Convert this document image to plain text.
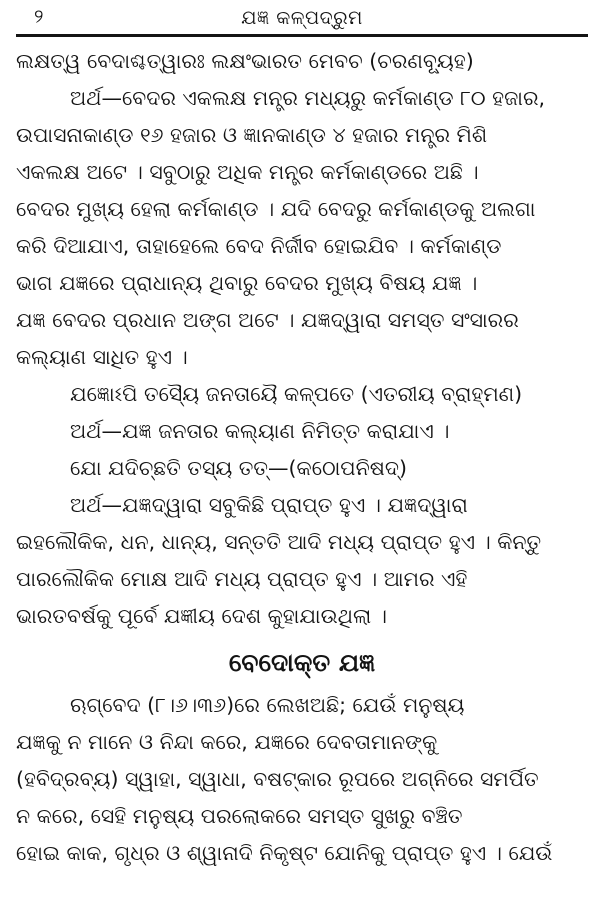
୨	ଯଜ୍ଞ କଳ୍ପଦ୍ରୁମ
ଲକ୍ଷତ୍ୱ ବେଦାଶ୍ଚତ୍ୱାରଃ ଲକ୍ଷଂଭାରତ ମେବଚ (ଚରଣବ୍ୟୂହ)
ଅର୍ଥ—ବେଦର ଏକଲକ୍ଷ ମନ୍ତ୍ର ମଧ୍ୟରୁ କର୍ମକାଣ୍ଡ ୮୦ ହଜାର,
ଉପାସନାକାଣ୍ଡ ୧୬ ହଜାର ଓ ଜ୍ଞାନକାଣ୍ଡ ୪ ହଜାର ମନ୍ତ୍ର ମିଶି
ଏକଲକ୍ଷ ଅଟେ । ସବୁଠାରୁ ଅଧିକ ମନ୍ତ୍ର କର୍ମକାଣ୍ଡରେ ଅଛି ।
ବେଦର ମୁଖ୍ୟ ହେଲା କର୍ମକାଣ୍ଡ । ଯଦି ବେଦରୁ କର୍ମକାଣ୍ଡକୁ ଅଲଗା
କରି ଦିଆଯାଏ, ତାହାହେଲେ ବେଦ ନିର୍ଜୀବ ହୋଇଯିବ । କର୍ମକାଣ୍ଡ
ଭାଗ ଯଜ୍ଞରେ ପ୍ରାଧାନ୍ୟ ଥିବାରୁ ବେଦର ମୁଖ୍ୟ ବିଷୟ ଯଜ୍ଞ ।
ଯଜ୍ଞ ବେଦର ପ୍ରଧାନ ଅଙ୍ଗ ଅଟେ । ଯଜ୍ଞଦ୍ୱାରା ସମସ୍ତ ସଂସାରର
କଲ୍ୟାଣ ସାଧିତ ହୁଏ ।
ଯଜ୍ଞୋଽପି ତସ୍ୟୈ ଜନତାୟୈ କଳ୍ପତେ (ଏତରୀୟ ବ୍ରାହ୍ମଣ)
ଅର୍ଥ—ଯଜ୍ଞ ଜନତାର କଲ୍ୟାଣ ନିମିତ୍ତ କରାଯାଏ ।
ଯୋ ଯଦିଚ୍ଛତି ତସ୍ୟ ତତ୍—(କଠୋପନିଷଦ୍)
ଅର୍ଥ—ଯଜ୍ଞଦ୍ୱାରା ସବୁକିଛି ପ୍ରାପ୍ତ ହୁଏ । ଯଜ୍ଞଦ୍ୱାରା
ଇହଲୌକିକ, ଧନ, ଧାନ୍ୟ, ସନ୍ତତି ଆଦି ମଧ୍ୟ ପ୍ରାପ୍ତ ହୁଏ । କିନ୍ତୁ
ପାରଲୌକିକ ମୋକ୍ଷ ଆଦି ମଧ୍ୟ ପ୍ରାପ୍ତ ହୁଏ । ଆମର ଏହି
ଭାରତବର୍ଷକୁ ପୂର୍ବେ ଯଜ୍ଞୀୟ ଦେଶ କୁହାଯାଉଥିଲା ।
ବେଦୋକ୍ତ ଯଜ୍ଞ
ଋଗ୍‌ବେଦ (୮।୬।୩୬)ରେ ଲେଖଅଛି; ଯେଉଁ ମନୁଷ୍ୟ
ଯଜ୍ଞକୁ ନ ମାନେ ଓ ନିନ୍ଦା କରେ, ଯଜ୍ଞରେ ଦେବତାମାନଙ୍କୁ
(ହବିଦ୍ରବ୍ୟ) ସ୍ୱାହା, ସ୍ୱାଧା, ବଷଟ୍‌କାର ରୂପରେ ଅଗ୍ନିରେ ସମର୍ପିତ
ନ କରେ, ସେହି ମନୁଷ୍ୟ ପରଲୋକରେ ସମସ୍ତ ସୁଖରୁ ବଞ୍ଚିତ
ହୋଇ କାକ, ଗୃଧ୍ର ଓ ଶ୍ୱାନାଦି ନିକୃଷ୍ଟ ଯୋନିକୁ ପ୍ରାପ୍ତ ହୁଏ । ଯେଉଁ
